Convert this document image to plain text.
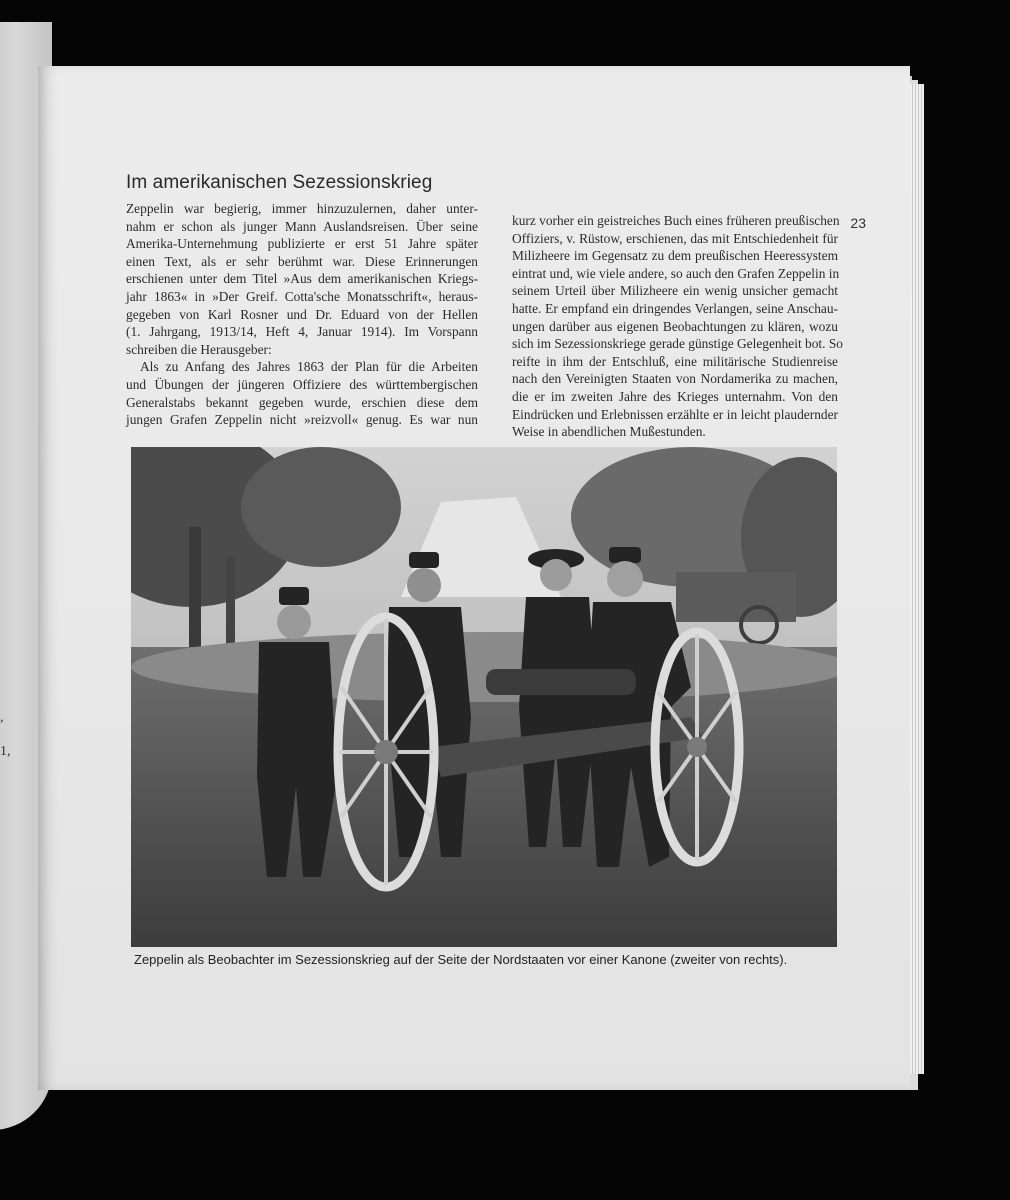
,
1,
Im amerikanischen Sezessionskrieg
23
Zeppelin war begierig, immer hinzuzulernen, daher unter-
nahm er schon als junger Mann Auslandsreisen. Über seine
Amerika-Unternehmung publizierte er erst 51 Jahre später
einen Text, als er sehr berühmt war. Diese Erinnerungen
erschienen unter dem Titel »Aus dem amerikanischen Kriegs-
jahr 1863« in »Der Greif. Cotta'sche Monatsschrift«, heraus-
gegeben von Karl Rosner und Dr. Eduard von der Hellen
(1. Jahrgang, 1913/14, Heft 4, Januar 1914). Im Vorspann
schreiben die Herausgeber:
Als zu Anfang des Jahres 1863 der Plan für die Arbeiten
und Übungen der jüngeren Offiziere des württembergischen
Generalstabs bekannt gegeben wurde, erschien diese dem
jungen Grafen Zeppelin nicht »reizvoll« genug. Es war nun
kurz vorher ein geistreiches Buch eines früheren preußischen
Offiziers, v. Rüstow, erschienen, das mit Entschiedenheit für
Milizheere im Gegensatz zu dem preußischen Heeressystem
eintrat und, wie viele andere, so auch den Grafen Zeppelin in
seinem Urteil über Milizheere ein wenig unsicher gemacht
hatte. Er empfand ein dringendes Verlangen, seine Anschau-
ungen darüber aus eigenen Beobachtungen zu klären, wozu
sich im Sezessionskriege gerade günstige Gelegenheit bot. So
reifte in ihm der Entschluß, eine militärische Studienreise
nach den Vereinigten Staaten von Nordamerika zu machen,
die er im zweiten Jahre des Krieges unternahm. Von den
Eindrücken und Erlebnissen erzählte er in leicht plaudernder
Weise in abendlichen Mußestunden.
Zeppelin als Beobachter im Sezessionskrieg auf der Seite der Nordstaaten vor einer Kanone (zweiter von rechts).
